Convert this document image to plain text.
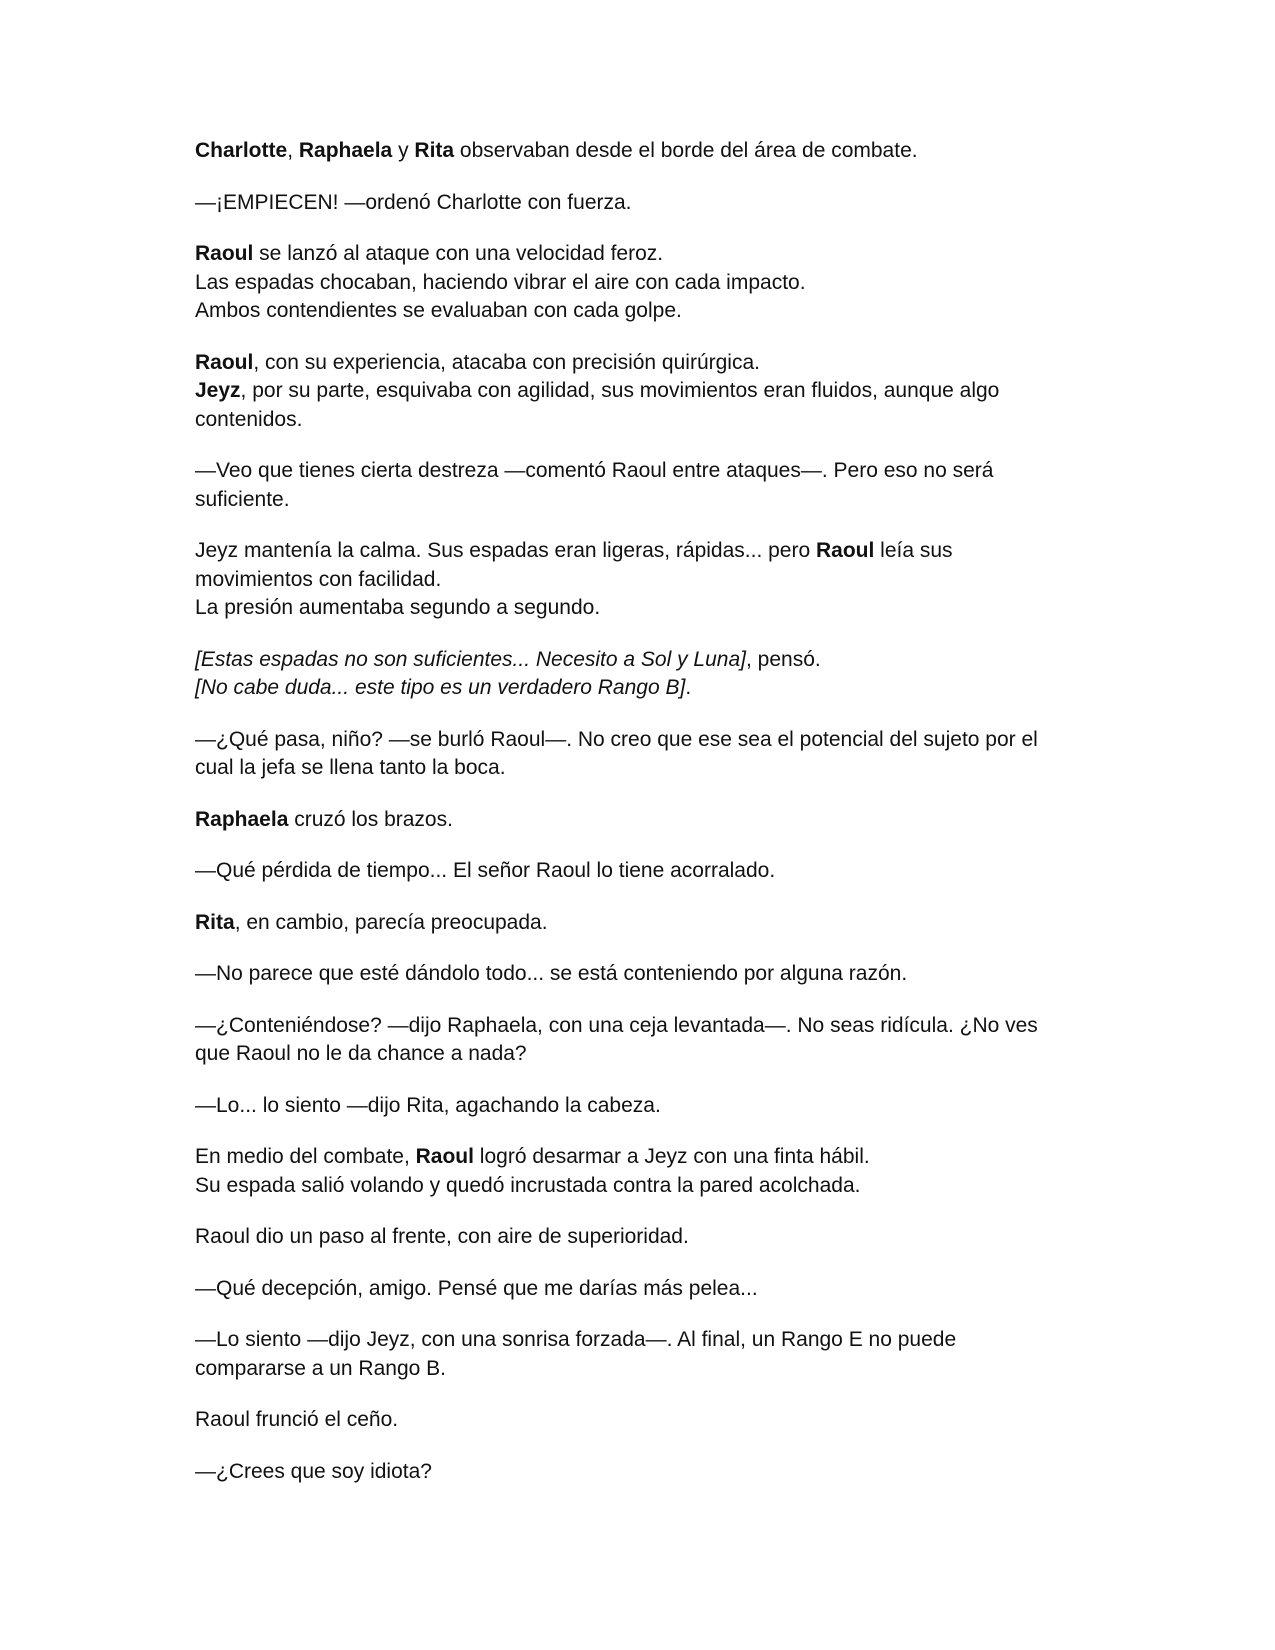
Charlotte, Raphaela y Rita observaban desde el borde del área de combate.

—¡EMPIECEN! —ordenó Charlotte con fuerza.

Raoul se lanzó al ataque con una velocidad feroz.
Las espadas chocaban, haciendo vibrar el aire con cada impacto.
Ambos contendientes se evaluaban con cada golpe.

Raoul, con su experiencia, atacaba con precisión quirúrgica.
Jeyz, por su parte, esquivaba con agilidad, sus movimientos eran fluidos, aunque algo
contenidos.

—Veo que tienes cierta destreza —comentó Raoul entre ataques—. Pero eso no será
suficiente.

Jeyz mantenía la calma. Sus espadas eran ligeras, rápidas... pero Raoul leía sus
movimientos con facilidad.
La presión aumentaba segundo a segundo.

[Estas espadas no son suficientes... Necesito a Sol y Luna], pensó.
[No cabe duda... este tipo es un verdadero Rango B].

—¿Qué pasa, niño? —se burló Raoul—. No creo que ese sea el potencial del sujeto por el
cual la jefa se llena tanto la boca.

Raphaela cruzó los brazos.

—Qué pérdida de tiempo... El señor Raoul lo tiene acorralado.

Rita, en cambio, parecía preocupada.

—No parece que esté dándolo todo... se está conteniendo por alguna razón.

—¿Conteniéndose? —dijo Raphaela, con una ceja levantada—. No seas ridícula. ¿No ves
que Raoul no le da chance a nada?

—Lo... lo siento —dijo Rita, agachando la cabeza.

En medio del combate, Raoul logró desarmar a Jeyz con una finta hábil.
Su espada salió volando y quedó incrustada contra la pared acolchada.

Raoul dio un paso al frente, con aire de superioridad.

—Qué decepción, amigo. Pensé que me darías más pelea...

—Lo siento —dijo Jeyz, con una sonrisa forzada—. Al final, un Rango E no puede
compararse a un Rango B.

Raoul frunció el ceño.

—¿Crees que soy idiota?
